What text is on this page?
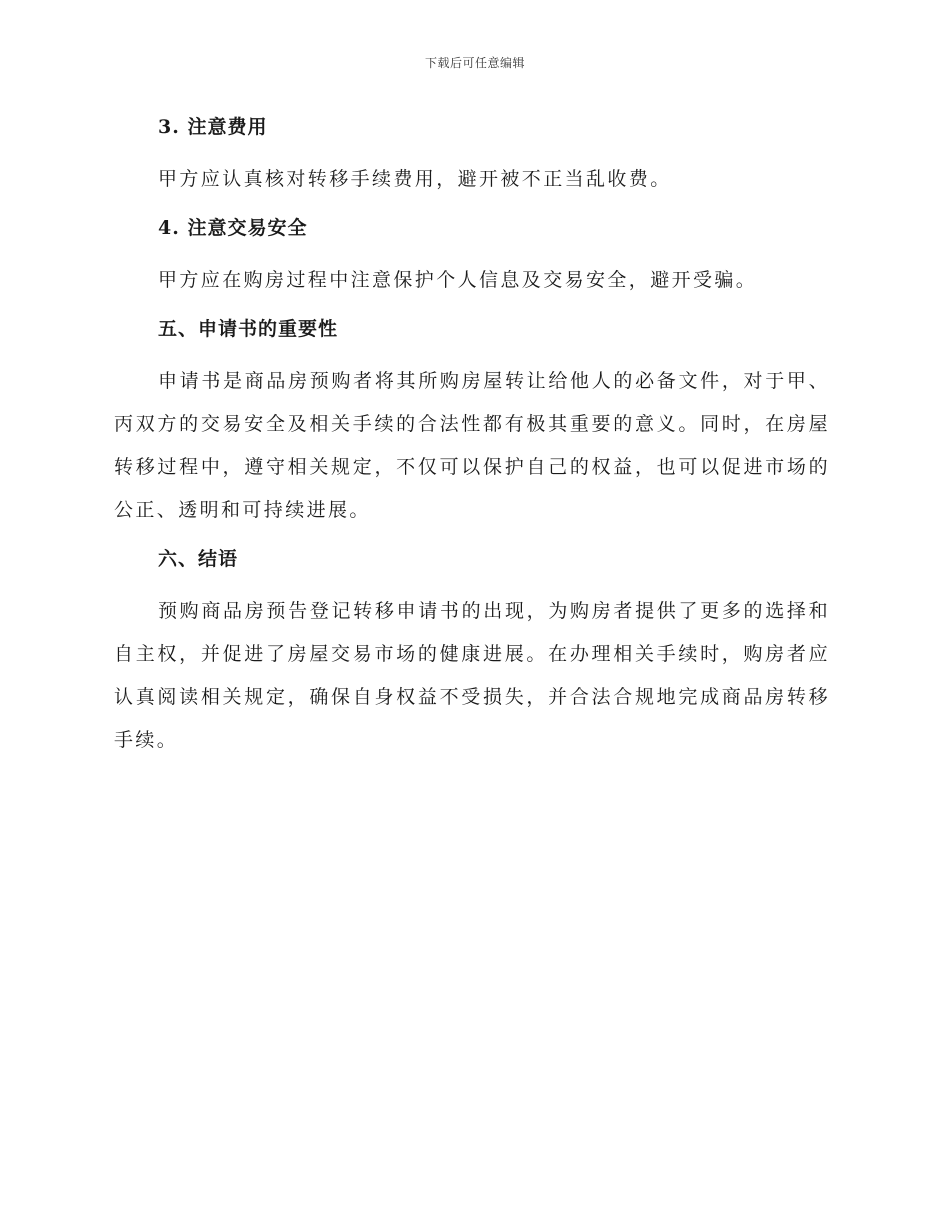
下载后可任意编辑

3. 注意费用

甲方应认真核对转移手续费用，避开被不正当乱收费。

4. 注意交易安全

甲方应在购房过程中注意保护个人信息及交易安全，避开受骗。

五、申请书的重要性

申请书是商品房预购者将其所购房屋转让给他人的必备文件，对于甲、丙双方的交易安全及相关手续的合法性都有极其重要的意义。同时，在房屋转移过程中，遵守相关规定，不仅可以保护自己的权益，也可以促进市场的公正、透明和可持续进展。

六、结语

预购商品房预告登记转移申请书的出现，为购房者提供了更多的选择和自主权，并促进了房屋交易市场的健康进展。在办理相关手续时，购房者应认真阅读相关规定，确保自身权益不受损失，并合法合规地完成商品房转移手续。
